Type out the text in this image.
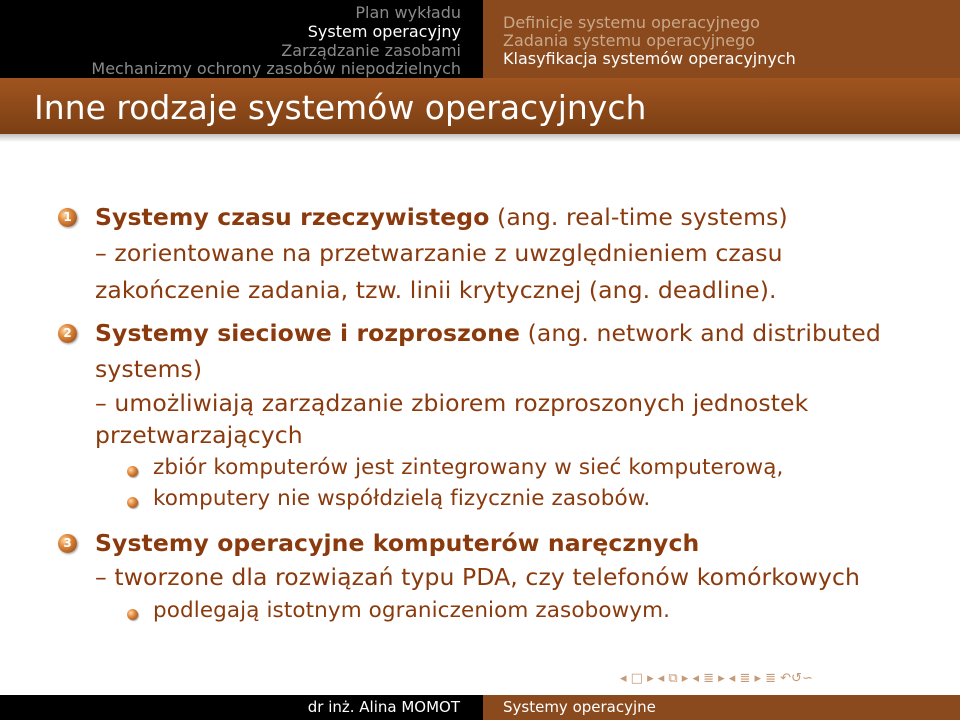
Plan wykładu
System operacyjny
Zarządzanie zasobami
Mechanizmy ochrony zasobów niepodzielnych
Definicje systemu operacyjnego
Zadania systemu operacyjnego
Klasyfikacja systemów operacyjnych
Inne rodzaje systemów operacyjnych
1 Systemy czasu rzeczywistego (ang. real-time systems)
– zorientowane na przetwarzanie z uwzględnieniem czasu
zakończenie zadania, tzw. linii krytycznej (ang. deadline).
2 Systemy sieciowe i rozproszone (ang. network and distributed
systems)
– umożliwiają zarządzanie zbiorem rozproszonych jednostek
przetwarzających
zbiór komputerów jest zintegrowany w sieć komputerową,
komputery nie współdzielą fizycznie zasobów.
3 Systemy operacyjne komputerów naręcznych
– tworzone dla rozwiązań typu PDA, czy telefonów komórkowych
podlegają istotnym ograniczeniom zasobowym.
◂ □ ▸ ◂ ⧉ ▸ ◂ ≣ ▸ ◂ ≣ ▸ ≣ ↶↺∽
dr inż. Alina MOMOT	Systemy operacyjne
